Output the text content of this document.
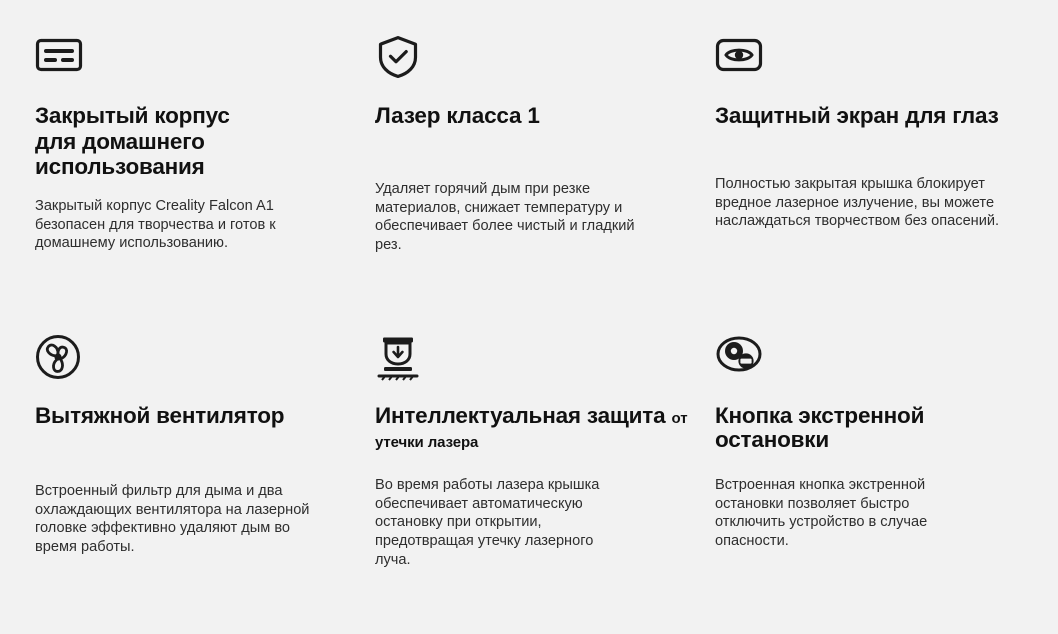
Закрытый корпус
для домашнего использования

Закрытый корпус Creality Falcon A1 безопасен для творчества и готов к домашнему использованию.

Лазер класса 1

Удаляет горячий дым при резке материалов, снижает температуру и обеспечивает более чистый и гладкий рез.

Защитный экран для глаз

Полностью закрытая крышка блокирует вредное лазерное излучение, вы можете наслаждаться творчеством без опасений.

Вытяжной вентилятор

Встроенный фильтр для дыма и два охлаждающих вентилятора на лазерной головке эффективно удаляют дым во время работы.

Интеллектуальная защита от утечки лазера

Во время работы лазера крышка обеспечивает автоматическую остановку при открытии, предотвращая утечку лазерного луча.

Кнопка экстренной остановки

Встроенная кнопка экстренной остановки позволяет быстро отключить устройство в случае опасности.
